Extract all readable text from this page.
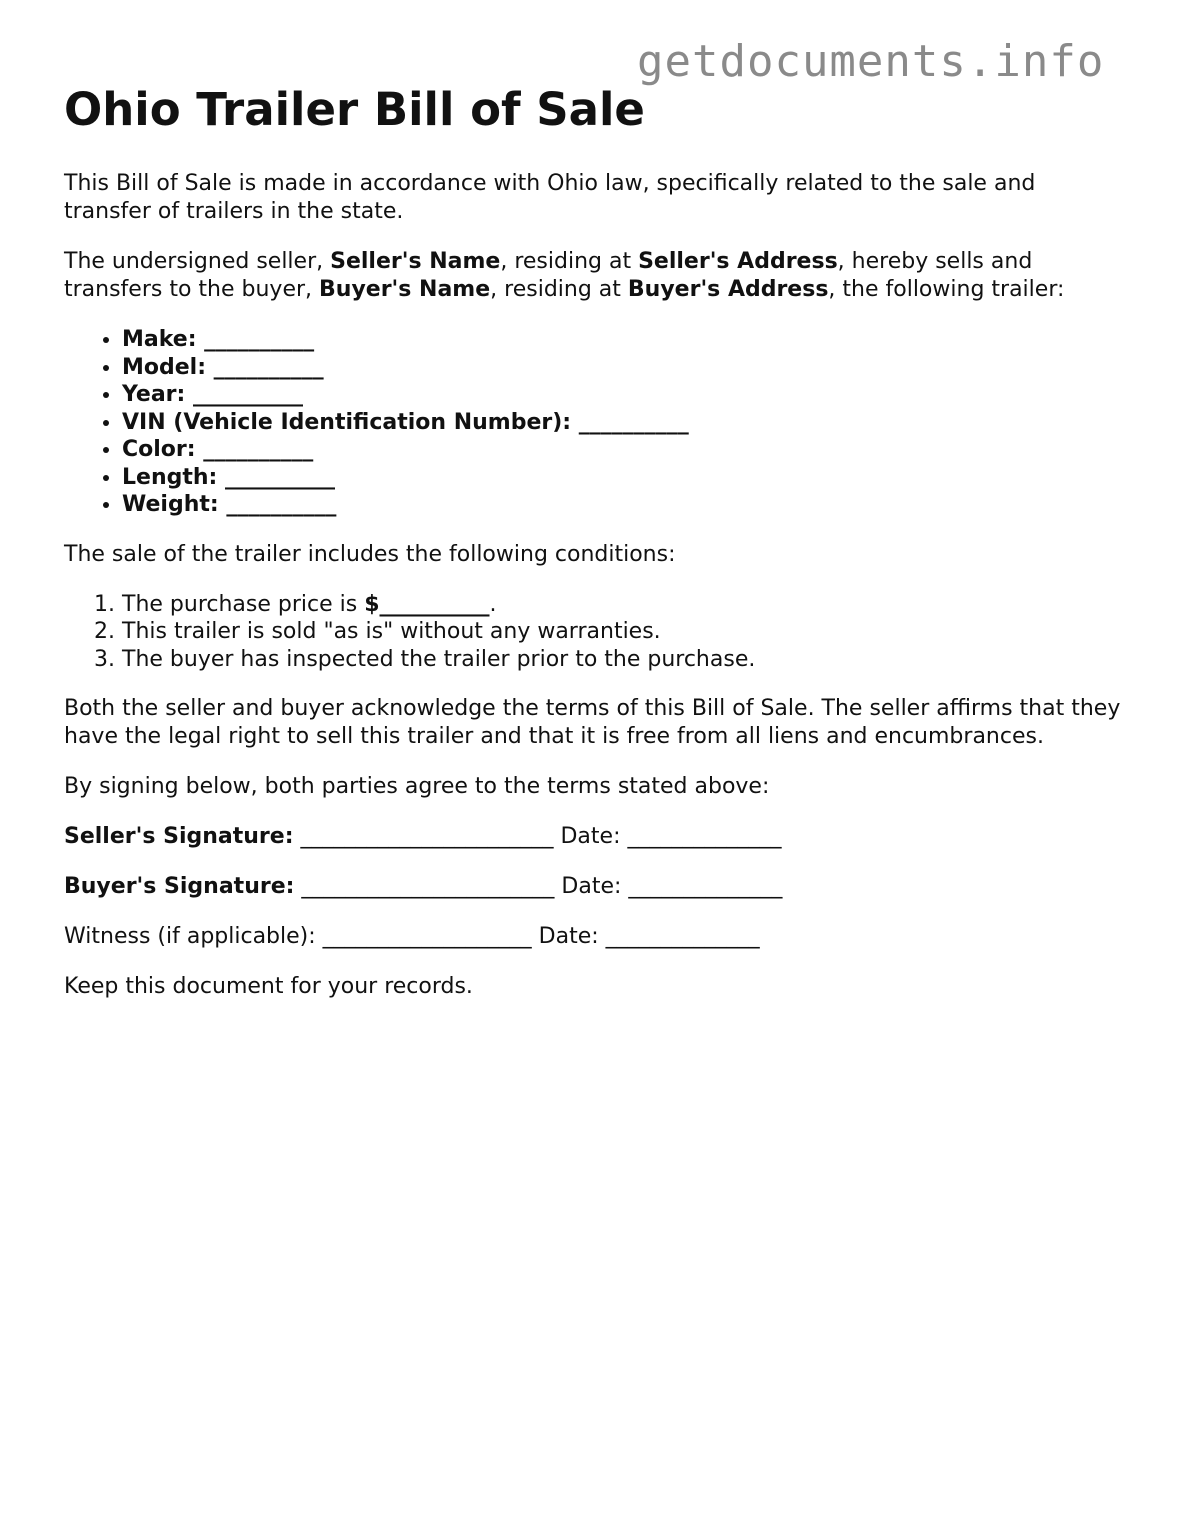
getdocuments.info
Ohio Trailer Bill of Sale

This Bill of Sale is made in accordance with Ohio law, specifically related to the sale and transfer of trailers in the state.

The undersigned seller, Seller's Name, residing at Seller's Address, hereby sells and transfers to the buyer, Buyer's Name, residing at Buyer's Address, the following trailer:

• Make: __________
• Model: __________
• Year: __________
• VIN (Vehicle Identification Number): __________
• Color: __________
• Length: __________
• Weight: __________

The sale of the trailer includes the following conditions:

1. The purchase price is $__________.
2. This trailer is sold "as is" without any warranties.
3. The buyer has inspected the trailer prior to the purchase.

Both the seller and buyer acknowledge the terms of this Bill of Sale. The seller affirms that they have the legal right to sell this trailer and that it is free from all liens and encumbrances.

By signing below, both parties agree to the terms stated above:

Seller's Signature: _______________________ Date: ______________

Buyer's Signature: _______________________ Date: ______________

Witness (if applicable): ___________________ Date: ______________

Keep this document for your records.
